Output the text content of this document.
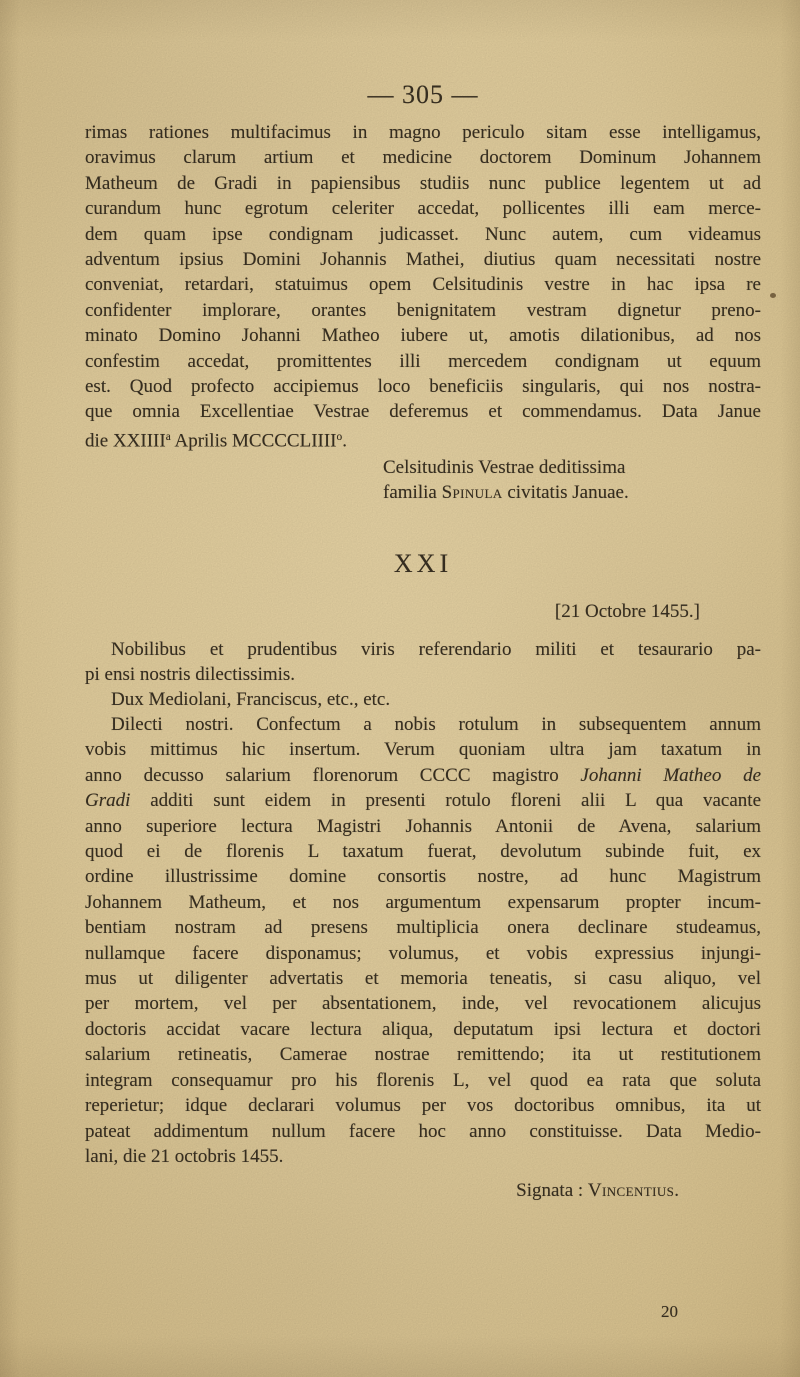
— 305 —
rimas rationes multifacimus in magno periculo sitam esse intelligamus,
oravimus clarum artium et medicine doctorem Dominum Johannem
Matheum de Gradi in papiensibus studiis nunc publice legentem ut ad
curandum hunc egrotum celeriter accedat, pollicentes illi eam merce-
dem quam ipse condignam judicasset. Nunc autem, cum videamus
adventum ipsius Domini Johannis Mathei, diutius quam necessitati nostre
conveniat, retardari, statuimus opem Celsitudinis vestre in hac ipsa re
confidenter implorare, orantes benignitatem vestram dignetur preno-
minato Domino Johanni Matheo iubere ut, amotis dilationibus, ad nos
confestim accedat, promittentes illi mercedem condignam ut equum
est. Quod profecto accipiemus loco beneficiis singularis, qui nos nostra-
que omnia Excellentiae Vestrae deferemus et commendamus. Data Janue
die XXIIII$^a$ Aprilis MCCCCLIIII$^o$.
Celsitudinis Vestrae deditissima
familia Spinula civitatis Januae.
XXI
[21 Octobre 1455.]
Nobilibus et prudentibus viris referendario militi et tesaurario pa-
pi ensi nostris dilectissimis.
Dux Mediolani, Franciscus, etc., etc.
Dilecti nostri. Confectum a nobis rotulum in subsequentem annum
vobis mittimus hic insertum. Verum quoniam ultra jam taxatum in
anno decusso salarium florenorum CCCC magistro Johanni Matheo de
Gradi additi sunt eidem in presenti rotulo floreni alii L qua vacante
anno superiore lectura Magistri Johannis Antonii de Avena, salarium
quod ei de florenis L taxatum fuerat, devolutum subinde fuit, ex
ordine illustrissime domine consortis nostre, ad hunc Magistrum
Johannem Matheum, et nos argumentum expensarum propter incum-
bentiam nostram ad presens multiplicia onera declinare studeamus,
nullamque facere disponamus; volumus, et vobis expressius injungi-
mus ut diligenter advertatis et memoria teneatis, si casu aliquo, vel
per mortem, vel per absentationem, inde, vel revocationem alicujus
doctoris accidat vacare lectura aliqua, deputatum ipsi lectura et doctori
salarium retineatis, Camerae nostrae remittendo; ita ut restitutionem
integram consequamur pro his florenis L, vel quod ea rata que soluta
reperietur; idque declarari volumus per vos doctoribus omnibus, ita ut
pateat addimentum nullum facere hoc anno constituisse. Data Medio-
lani, die 21 octobris 1455.
Signata : Vincentius.
20
